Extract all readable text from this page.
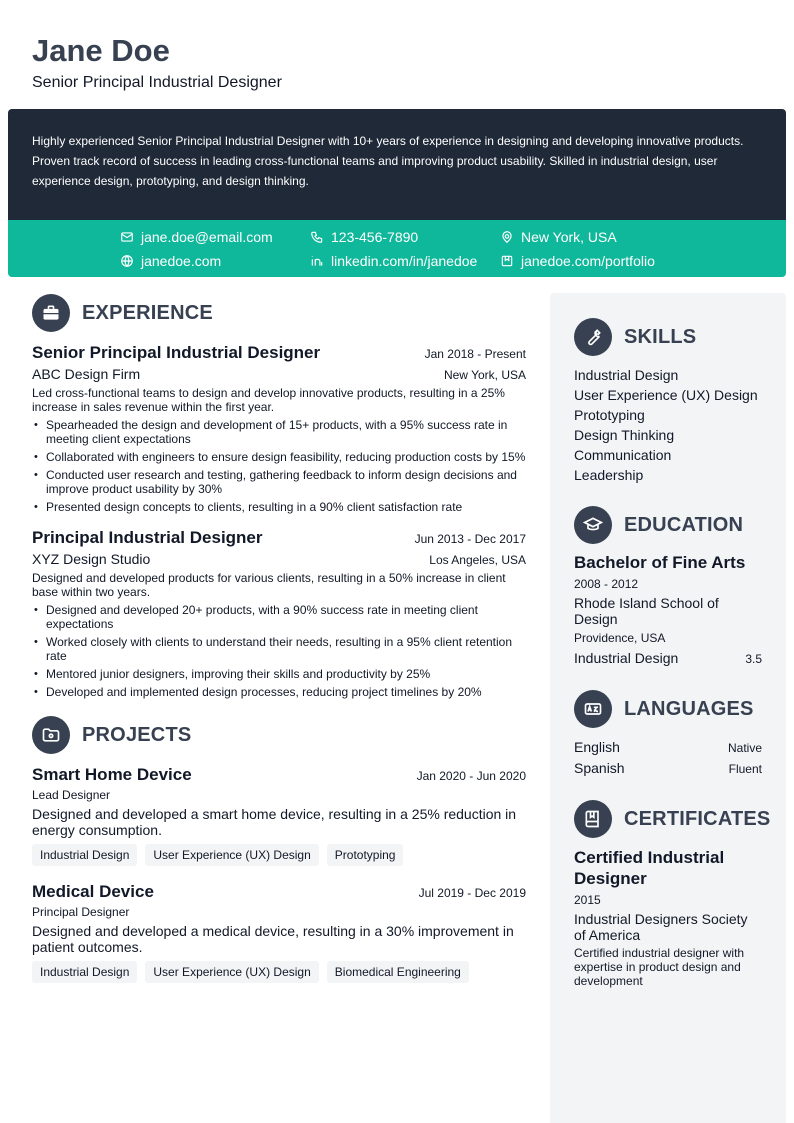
Jane Doe
Senior Principal Industrial Designer
Highly experienced Senior Principal Industrial Designer with 10+ years of experience in designing and developing innovative products. Proven track record of success in leading cross-functional teams and improving product usability. Skilled in industrial design, user experience design, prototyping, and design thinking.
jane.doe@email.com	123-456-7890	New York, USA
janedoe.com	linkedin.com/in/janedoe	janedoe.com/portfolio
EXPERIENCE
Senior Principal Industrial Designer	Jan 2018 - Present
ABC Design Firm	New York, USA
Led cross-functional teams to design and develop innovative products, resulting in a 25% increase in sales revenue within the first year.
• Spearheaded the design and development of 15+ products, with a 95% success rate in meeting client expectations
• Collaborated with engineers to ensure design feasibility, reducing production costs by 15%
• Conducted user research and testing, gathering feedback to inform design decisions and improve product usability by 30%
• Presented design concepts to clients, resulting in a 90% client satisfaction rate
Principal Industrial Designer	Jun 2013 - Dec 2017
XYZ Design Studio	Los Angeles, USA
Designed and developed products for various clients, resulting in a 50% increase in client base within two years.
• Designed and developed 20+ products, with a 90% success rate in meeting client expectations
• Worked closely with clients to understand their needs, resulting in a 95% client retention rate
• Mentored junior designers, improving their skills and productivity by 25%
• Developed and implemented design processes, reducing project timelines by 20%
PROJECTS
Smart Home Device	Jan 2020 - Jun 2020
Lead Designer
Designed and developed a smart home device, resulting in a 25% reduction in energy consumption.
Industrial Design	User Experience (UX) Design	Prototyping
Medical Device	Jul 2019 - Dec 2019
Principal Designer
Designed and developed a medical device, resulting in a 30% improvement in patient outcomes.
Industrial Design	User Experience (UX) Design	Biomedical Engineering
SKILLS
Industrial Design
User Experience (UX) Design
Prototyping
Design Thinking
Communication
Leadership
EDUCATION
Bachelor of Fine Arts
2008 - 2012
Rhode Island School of Design
Providence, USA
Industrial Design	3.5
LANGUAGES
English	Native
Spanish	Fluent
CERTIFICATES
Certified Industrial Designer
2015
Industrial Designers Society of America
Certified industrial designer with expertise in product design and development
